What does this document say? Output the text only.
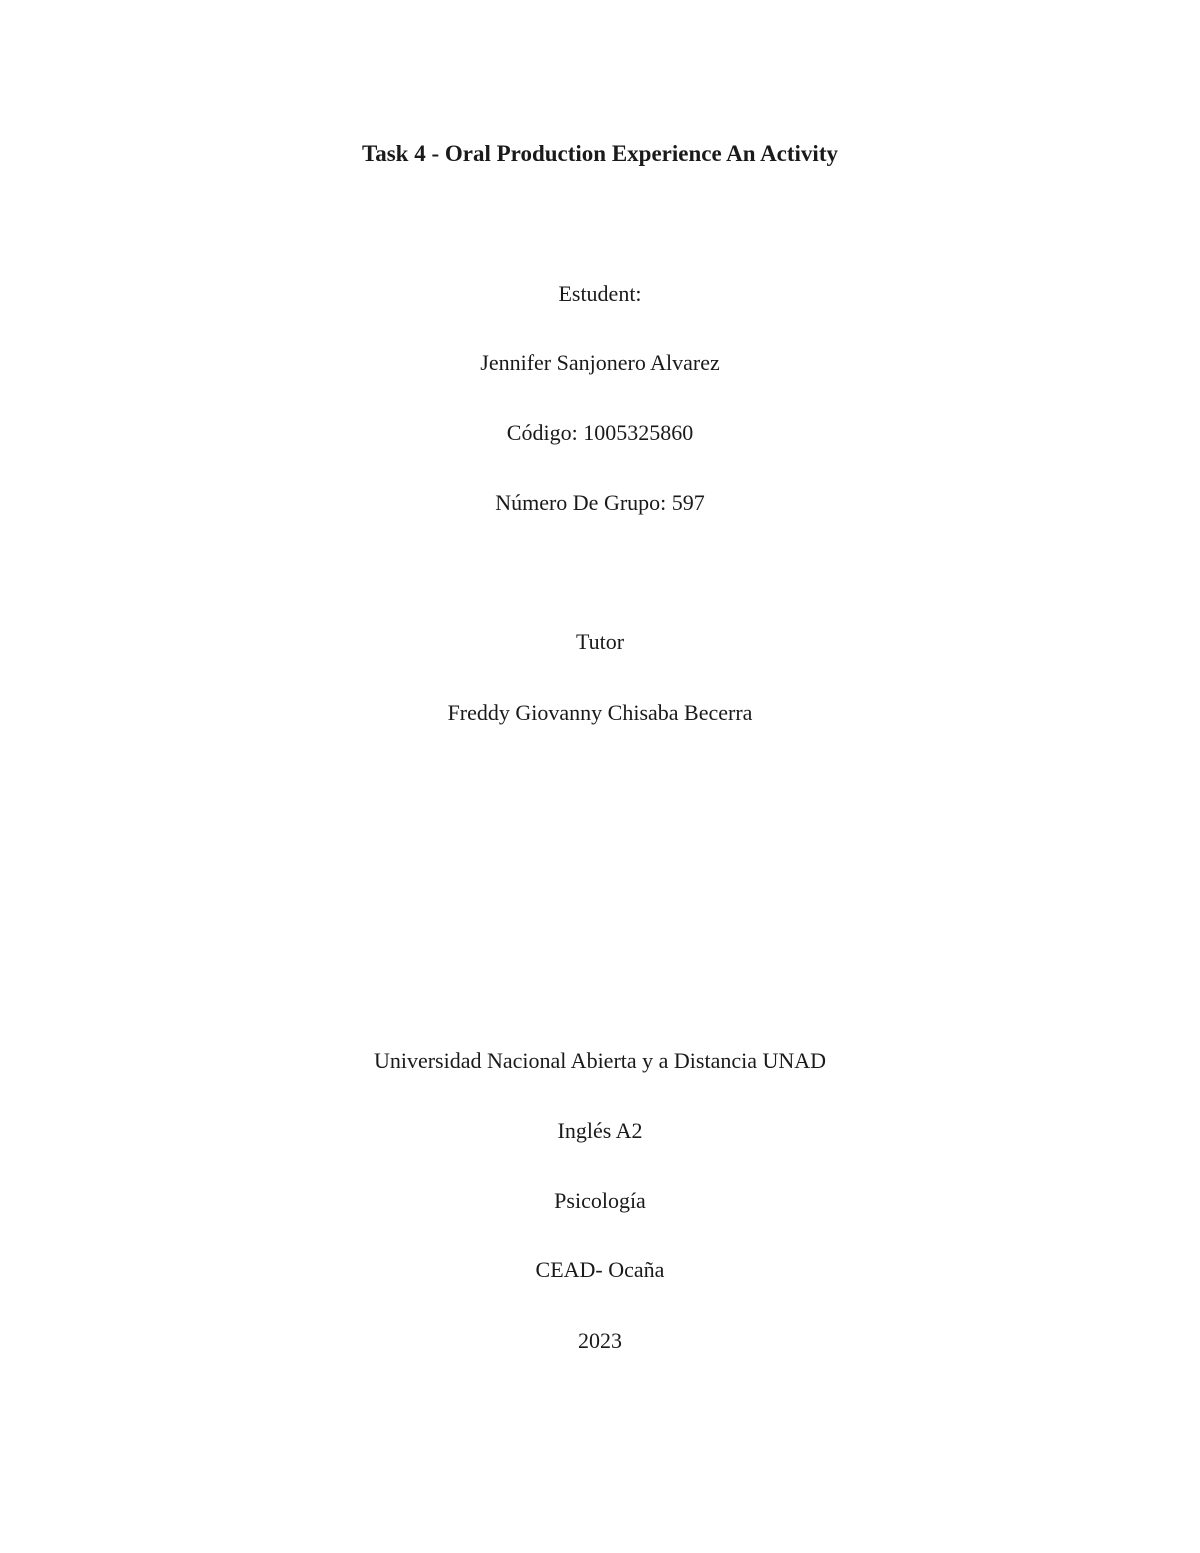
Task 4 - Oral Production Experience An Activity
Estudent:
Jennifer Sanjonero Alvarez
Código: 1005325860
Número De Grupo: 597
Tutor
Freddy Giovanny Chisaba Becerra
Universidad Nacional Abierta y a Distancia UNAD
Inglés A2
Psicología
CEAD- Ocaña
2023
